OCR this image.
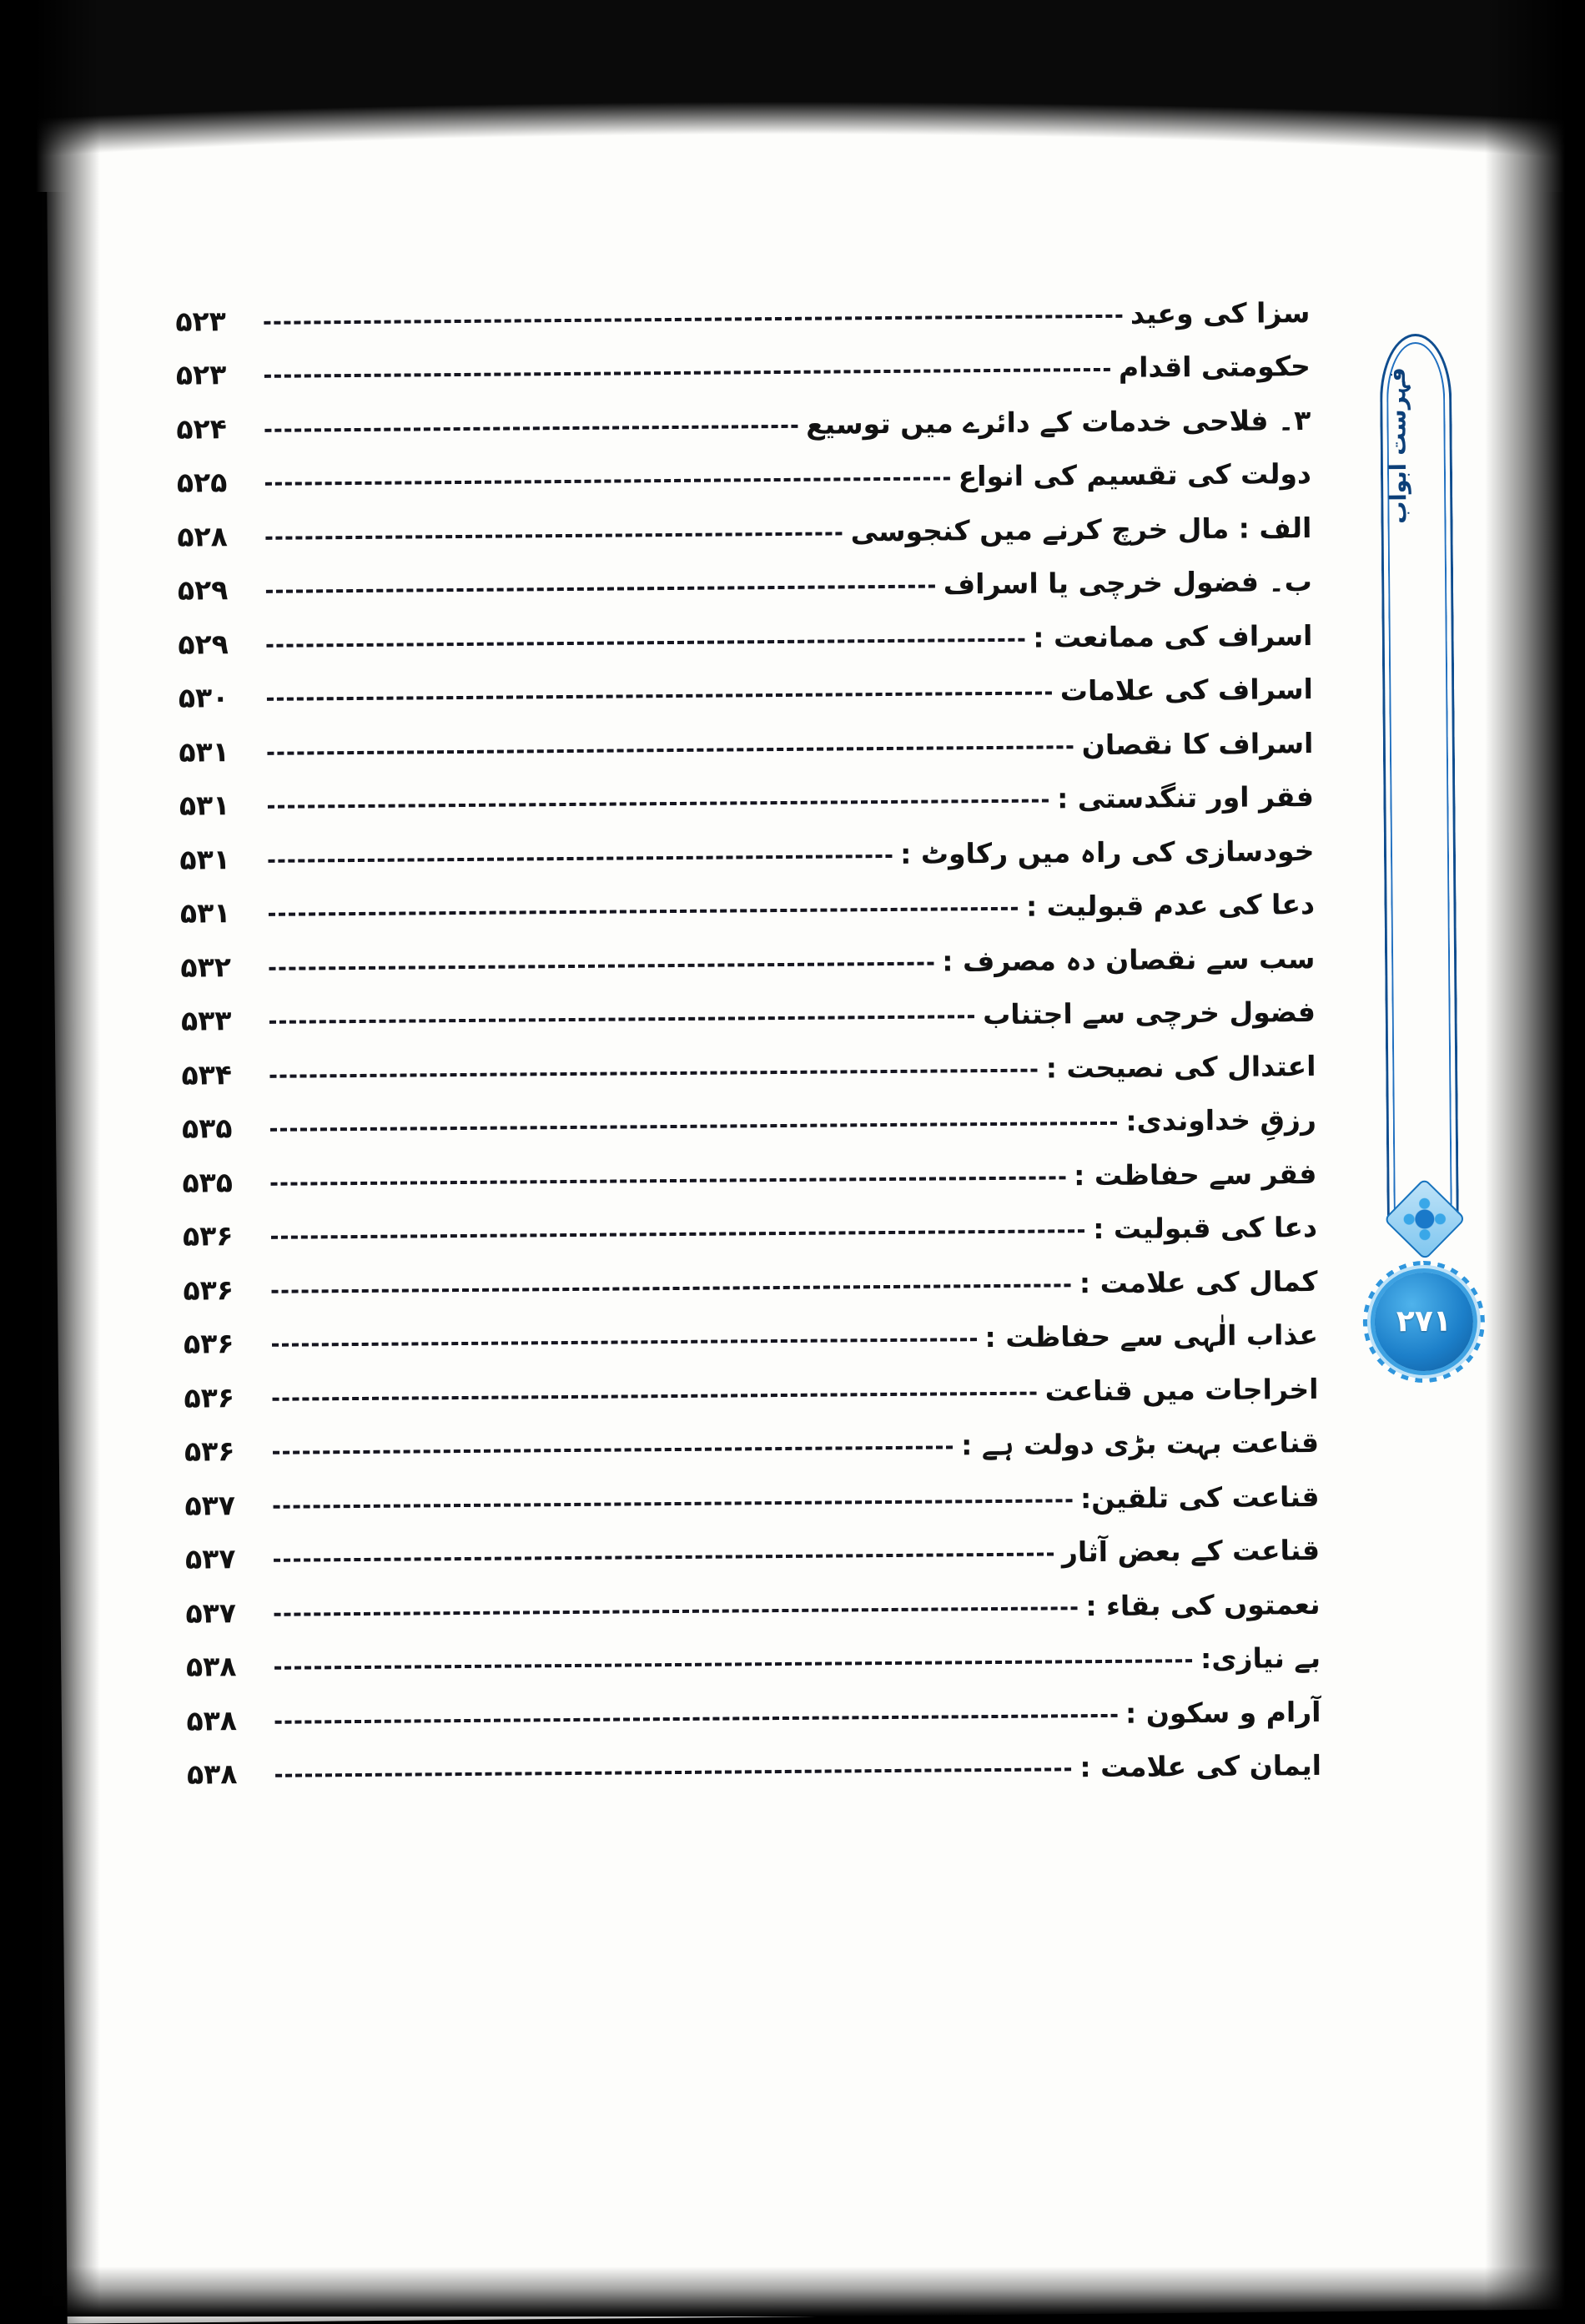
سزا کی وعید
۵۲۳
حکومتی اقدام
۵۲۳
۳۔ فلاحی خدمات کے دائرے میں توسیع
۵۲۴
دولت کی تقسیم کی انواع
۵۲۵
الف : مال خرچ کرنے میں کنجوسی
۵۲۸
ب۔ فضول خرچی یا اسراف
۵۲۹
اسراف کی ممانعت :
۵۲۹
اسراف کی علامات
۵۳۰
اسراف کا نقصان
۵۳۱
فقر اور تنگدستی :
۵۳۱
خودسازی کی راہ میں رکاوٹ :
۵۳۱
دعا کی عدم قبولیت :
۵۳۱
سب سے نقصان دہ مصرف :
۵۳۲
فضول خرچی سے اجتناب
۵۳۳
اعتدال کی نصیحت :
۵۳۴
رزقِ خداوندی:
۵۳۵
فقر سے حفاظت :
۵۳۵
دعا کی قبولیت :
۵۳۶
کمال کی علامت :
۵۳۶
عذاب الٰہی سے حفاظت :
۵۳۶
اخراجات میں قناعت
۵۳۶
قناعت بہت بڑی دولت ہے :
۵۳۶
قناعت کی تلقین:
۵۳۷
قناعت کے بعض آثار
۵۳۷
نعمتوں کی بقاء :
۵۳۷
بے نیازی:
۵۳۸
آرام و سکون :
۵۳۸
ایمان کی علامت :
۵۳۸
فہرست ابواب
۲۷۱
